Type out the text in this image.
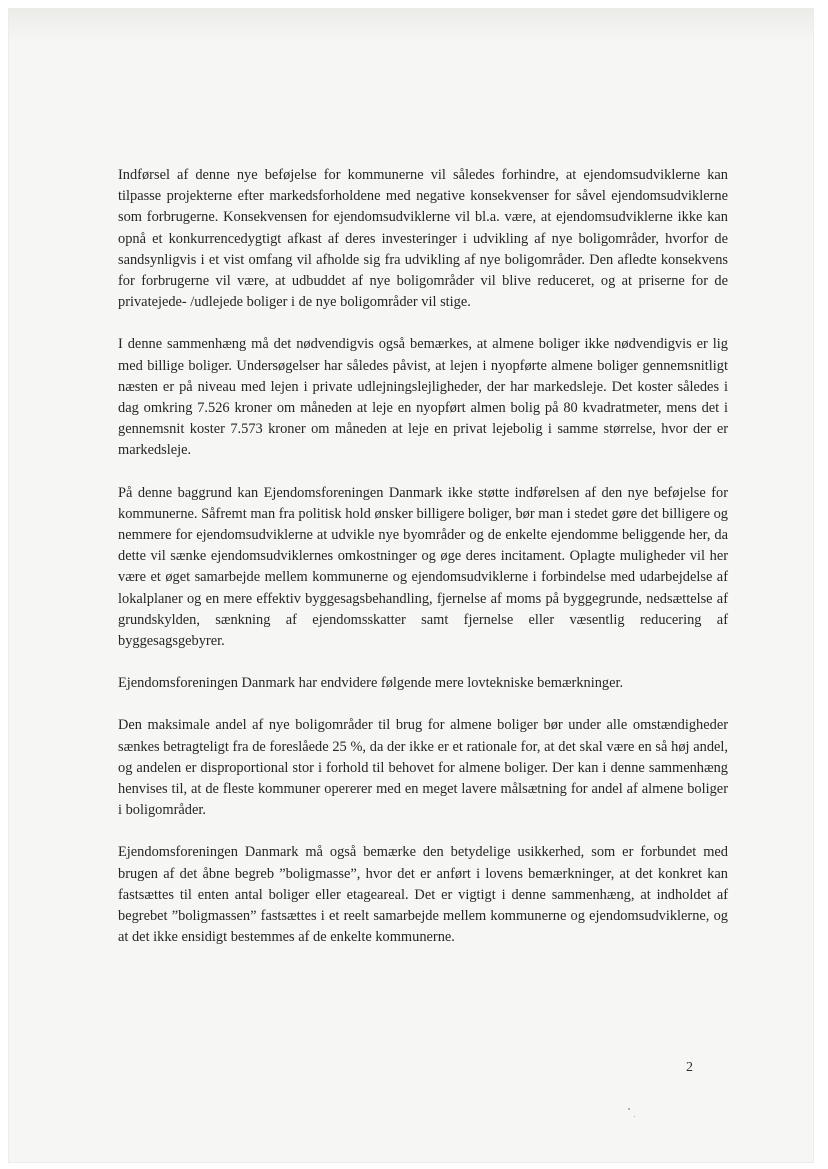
Indførsel af denne nye beføjelse for kommunerne vil således forhindre, at ejendomsudviklerne kan tilpasse projekterne efter markedsforholdene med negative konsekvenser for såvel ejendomsudviklerne som forbrugerne. Konsekvensen for ejendomsudviklerne vil bl.a. være, at ejendomsudviklerne ikke kan opnå et konkurrencedygtigt afkast af deres investeringer i udvikling af nye boligområder, hvorfor de sandsynligvis i et vist omfang vil afholde sig fra udvikling af nye boligområder. Den afledte konsekvens for forbrugerne vil være, at udbuddet af nye boligområder vil blive reduceret, og at priserne for de privatejede- /udlejede boliger i de nye boligområder vil stige.

I denne sammenhæng må det nødvendigvis også bemærkes, at almene boliger ikke nødvendigvis er lig med billige boliger. Undersøgelser har således påvist, at lejen i nyopførte almene boliger gennemsnitligt næsten er på niveau med lejen i private udlejningslejligheder, der har markedsleje. Det koster således i dag omkring 7.526 kroner om måneden at leje en nyopført almen bolig på 80 kvadratmeter, mens det i gennemsnit koster 7.573 kroner om måneden at leje en privat lejebolig i samme størrelse, hvor der er markedsleje.

På denne baggrund kan Ejendomsforeningen Danmark ikke støtte indførelsen af den nye beføjelse for kommunerne. Såfremt man fra politisk hold ønsker billigere boliger, bør man i stedet gøre det billigere og nemmere for ejendomsudviklerne at udvikle nye byområder og de enkelte ejendomme beliggende her, da dette vil sænke ejendomsudviklernes omkostninger og øge deres incitament. Oplagte muligheder vil her være et øget samarbejde mellem kommunerne og ejendomsudviklerne i forbindelse med udarbejdelse af lokalplaner og en mere effektiv byggesagsbehandling, fjernelse af moms på byggegrunde, nedsættelse af grundskylden, sænkning af ejendomsskatter samt fjernelse eller væsentlig reducering af byggesagsgebyrer.

Ejendomsforeningen Danmark har endvidere følgende mere lovtekniske bemærkninger.

Den maksimale andel af nye boligområder til brug for almene boliger bør under alle omstændigheder sænkes betragteligt fra de foreslåede 25 %, da der ikke er et rationale for, at det skal være en så høj andel, og andelen er disproportional stor i forhold til behovet for almene boliger. Der kan i denne sammenhæng henvises til, at de fleste kommuner opererer med en meget lavere målsætning for andel af almene boliger i boligområder.

Ejendomsforeningen Danmark må også bemærke den betydelige usikkerhed, som er forbundet med brugen af det åbne begreb ”boligmasse”, hvor det er anført i lovens bemærkninger, at det konkret kan fastsættes til enten antal boliger eller etageareal. Det er vigtigt i denne sammenhæng, at indholdet af begrebet ”boligmassen” fastsættes i et reelt samarbejde mellem kommunerne og ejendomsudviklerne, og at det ikke ensidigt bestemmes af de enkelte kommunerne.

2
